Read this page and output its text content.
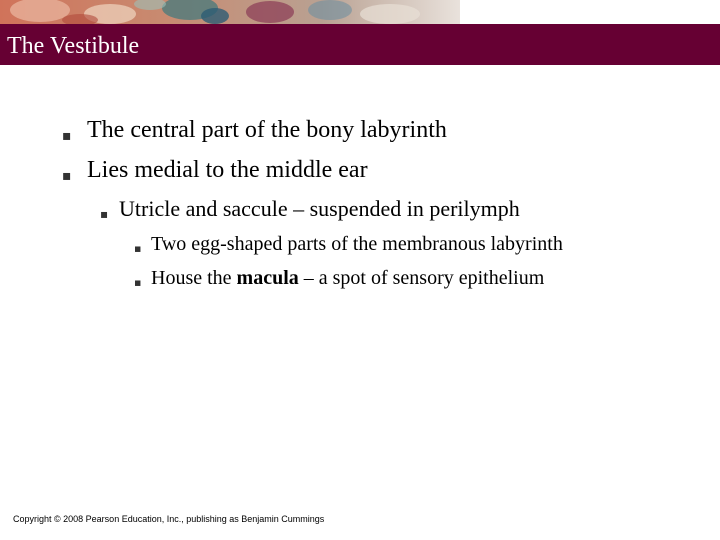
The Vestibule
▪ The central part of the bony labyrinth
▪ Lies medial to the middle ear
▪ Utricle and saccule – suspended in perilymph
▪ Two egg-shaped parts of the membranous labyrinth
▪ House the macula – a spot of sensory epithelium
Copyright © 2008 Pearson Education, Inc., publishing as Benjamin Cummings
